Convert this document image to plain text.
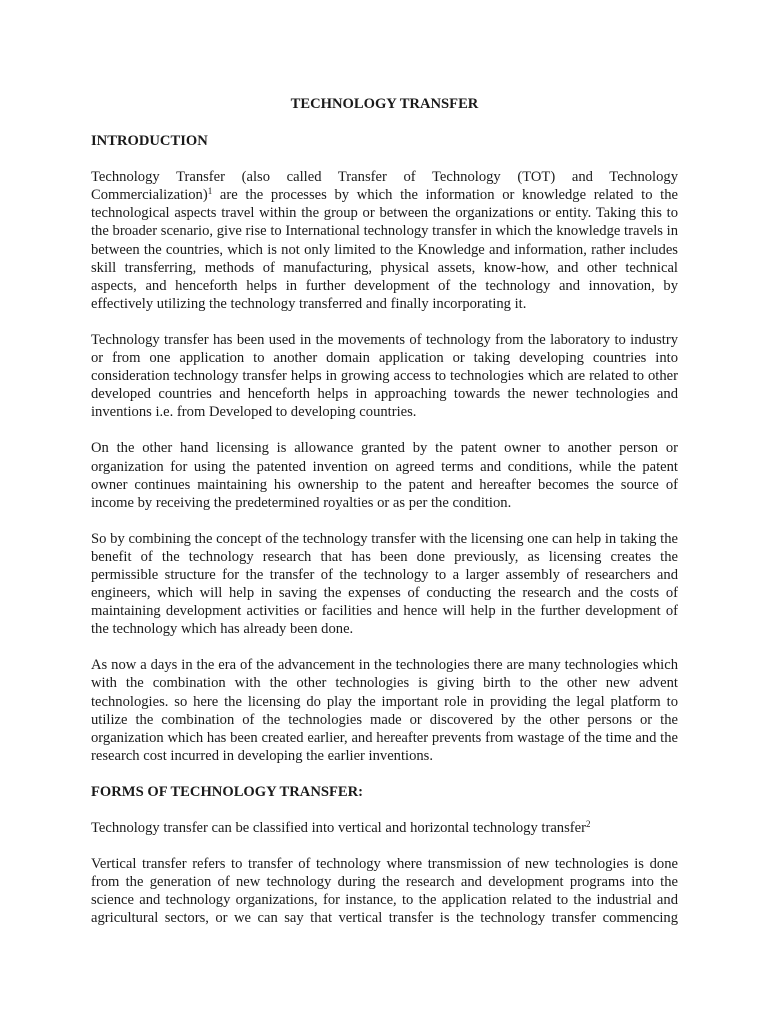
TECHNOLOGY TRANSFER
INTRODUCTION

Technology Transfer (also called Transfer of Technology (TOT) and Technology Commercialization)$^1$ are the processes by which the information or knowledge related to the technological aspects travel within the group or between the organizations or entity. Taking this to the broader scenario, give rise to International technology transfer in which the knowledge travels in between the countries, which is not only limited to the Knowledge and information, rather includes skill transferring, methods of manufacturing, physical assets, know-how, and other technical aspects, and henceforth helps in further development of the technology and innovation, by effectively utilizing the technology transferred and finally incorporating it.

Technology transfer has been used in the movements of technology from the laboratory to industry or from one application to another domain application or taking developing countries into consideration technology transfer helps in growing access to technologies which are related to other developed countries and henceforth helps in approaching towards the newer technologies and inventions i.e. from Developed to developing countries.

On the other hand licensing is allowance granted by the patent owner to another person or organization for using the patented invention on agreed terms and conditions, while the patent owner continues maintaining his ownership to the patent and hereafter becomes the source of income by receiving the predetermined royalties or as per the condition.

So by combining the concept of the technology transfer with the licensing one can help in taking the benefit of the technology research that has been done previously, as licensing creates the permissible structure for the transfer of the technology to a larger assembly of researchers and engineers, which will help in saving the expenses of conducting the research and the costs of maintaining development activities or facilities and hence will help in the further development of the technology which has already been done.

As now a days in the era of the advancement in the technologies there are many technologies which with the combination with the other technologies is giving birth to the other new advent technologies. so here the licensing do play the important role in providing the legal platform to utilize the combination of the technologies made or discovered by the other persons or the organization which has been created earlier, and hereafter prevents from wastage of the time and the research cost incurred in developing the earlier inventions.

FORMS OF TECHNOLOGY TRANSFER:

Technology transfer can be classified into vertical and horizontal technology transfer$^2$

Vertical transfer refers to transfer of technology where transmission of new technologies is done from the generation of new technology during the research and development programs into the science and technology organizations, for instance, to the application related to the industrial and agricultural sectors, or we can say that vertical transfer is the technology transfer commencing
